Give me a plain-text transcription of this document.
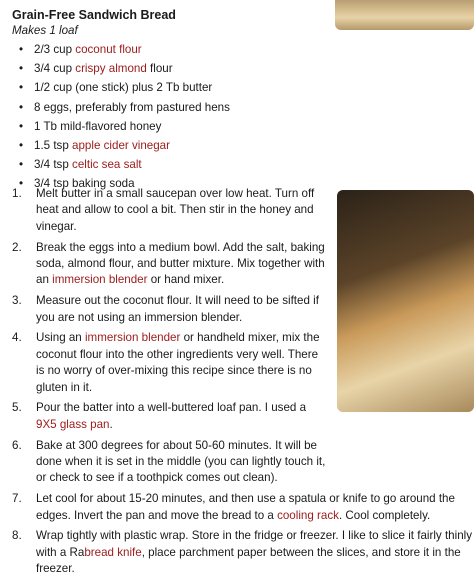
Grain-Free Sandwich Bread
Makes 1 loaf
• 2/3 cup coconut flour
• 3/4 cup crispy almond flour
• 1/2 cup (one stick) plus 2 Tb butter
• 8 eggs, preferably from pastured hens
• 1 Tb mild-flavored honey
• 1.5 tsp apple cider vinegar
• 3/4 tsp celtic sea salt
• 3/4 tsp baking soda
1.	Melt butter in a small saucepan over low heat. Turn off heat and allow to cool a bit. Then stir in the honey and vinegar.
2.	Break the eggs into a medium bowl. Add the salt, baking soda, almond flour, and butter mixture. Mix together with an immersion blender or hand mixer.
3.	Measure out the coconut flour. It will need to be sifted if you are not using an immersion blender.
4.	Using an immersion blender or handheld mixer, mix the coconut flour into the other ingredients very well. There is no worry of over-mixing this recipe since there is no gluten in it.
5.	Pour the batter into a well-buttered loaf pan. I used a 9X5 glass pan.
6.	Bake at 300 degrees for about 50-60 minutes. It will be done when it is set in the middle (you can lightly touch it, or check to see if a toothpick comes out clean).
7.	Let cool for about 15-20 minutes, and then use a spatula or knife to go around the edges. Invert the pan and move the bread to a cooling rack. Cool completely.
8.	Wrap tightly with plastic wrap. Store in the fridge or freezer. I like to slice it fairly thinly with a Rabread knife, place parchment paper between the slices, and store it in the freezer.
